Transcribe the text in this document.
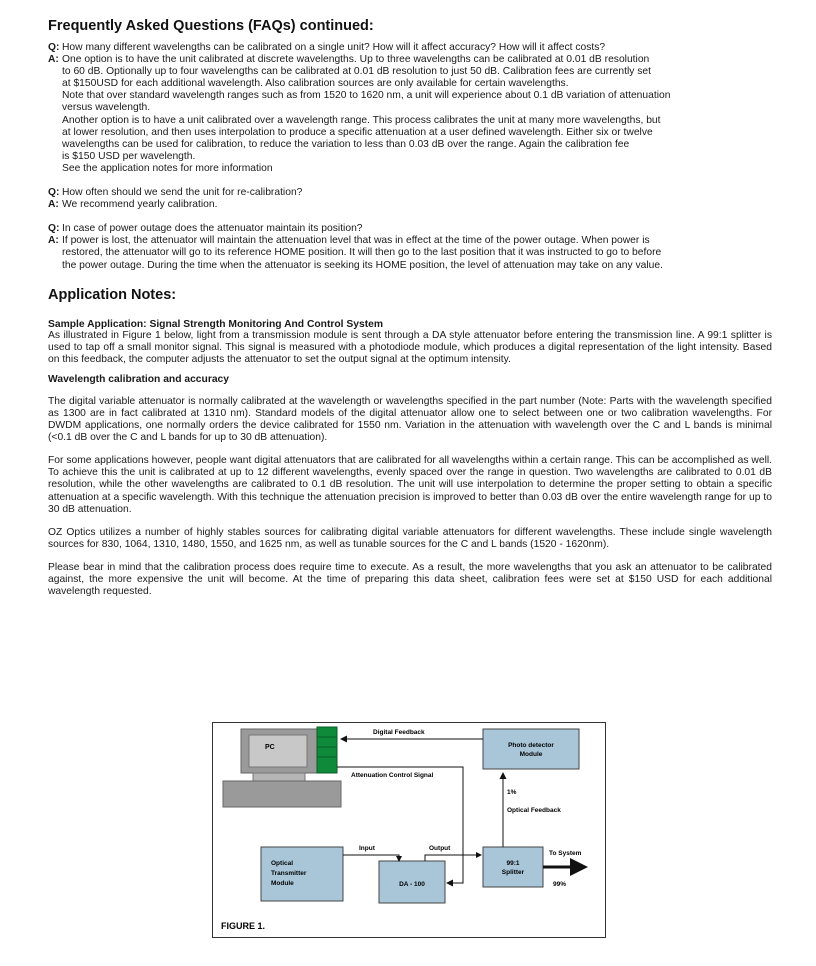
Frequently Asked Questions (FAQs) continued:
Q: How many different wavelengths can be calibrated on a single unit? How will it affect accuracy? How will it affect costs?
A: One option is to have the unit calibrated at discrete wavelengths. Up to three wavelengths can be calibrated at 0.01 dB resolution
to 60 dB. Optionally up to four wavelengths can be calibrated at 0.01 dB resolution to just 50 dB. Calibration fees are currently set
at $150USD for each additional wavelength. Also calibration sources are only available for certain wavelengths.
Note that over standard wavelength ranges such as from 1520 to 1620 nm, a unit will experience about 0.1 dB variation of attenuation
versus wavelength.
Another option is to have a unit calibrated over a wavelength range. This process calibrates the unit at many more wavelengths, but
at lower resolution, and then uses interpolation to produce a specific attenuation at a user defined wavelength. Either six or twelve
wavelengths can be used for calibration, to reduce the variation to less than 0.03 dB over the range. Again the calibration fee
is $150 USD per wavelength.
See the application notes for more information
Q: How often should we send the unit for re-calibration?
A: We recommend yearly calibration.
Q: In case of power outage does the attenuator maintain its position?
A: If power is lost, the attenuator will maintain the attenuation level that was in effect at the time of the power outage. When power is
restored, the attenuator will go to its reference HOME position. It will then go to the last position that it was instructed to go to before
the power outage. During the time when the attenuator is seeking its HOME position, the level of attenuation may take on any value.
Application Notes:

Sample Application: Signal Strength Monitoring And Control System

As illustrated in Figure 1 below, light from a transmission module is sent through a DA style attenuator before entering the transmission line. A 99:1 splitter is used to tap off a small monitor signal. This signal is measured with a photodiode module, which produces a digital representation of the light intensity. Based on this feedback, the computer adjusts the attenuator to set the output signal at the optimum intensity.

Wavelength calibration and accuracy

The digital variable attenuator is normally calibrated at the wavelength or wavelengths specified in the part number (Note: Parts with the wavelength specified as 1300 are in fact calibrated at 1310 nm). Standard models of the digital attenuator allow one to select between one or two calibration wavelengths. For DWDM applications, one normally orders the device calibrated for 1550 nm. Variation in the attenuation with wavelength over the C and L bands is minimal (<0.1 dB over the C and L bands for up to 30 dB attenuation).

For some applications however, people want digital attenuators that are calibrated for all wavelengths within a certain range. This can be accomplished as well. To achieve this the unit is calibrated at up to 12 different wavelengths, evenly spaced over the range in question. Two wavelengths are calibrated to 0.01 dB resolution, while the other wavelengths are calibrated to 0.1 dB resolution. The unit will use interpolation to determine the proper setting to obtain a specific attenuation at a specific wavelength. With this technique the attenuation precision is improved to better than 0.03 dB over the entire wavelength range for up to 30 dB attenuation.

OZ Optics utilizes a number of highly stables sources for calibrating digital variable attenuators for different wavelengths. These include single wavelength sources for 830, 1064, 1310, 1480, 1550, and 1625 nm, as well as tunable sources for the C and L bands (1520 - 1620nm).

Please bear in mind that the calibration process does require time to execute. As a result, the more wavelengths that you ask an attenuator to be calibrated against, the more expensive the unit will become. At the time of preparing this data sheet, calibration fees were set at $150 USD for each additional wavelength requested.

PC	Photo detector
Module
Digital Feedback
Attenuation Control Signal
Optical
Transmitter
Module	DA - 100
Input	Output
99:1
Splitter
1%
Optical Feedback
To System
99%
FIGURE 1.
